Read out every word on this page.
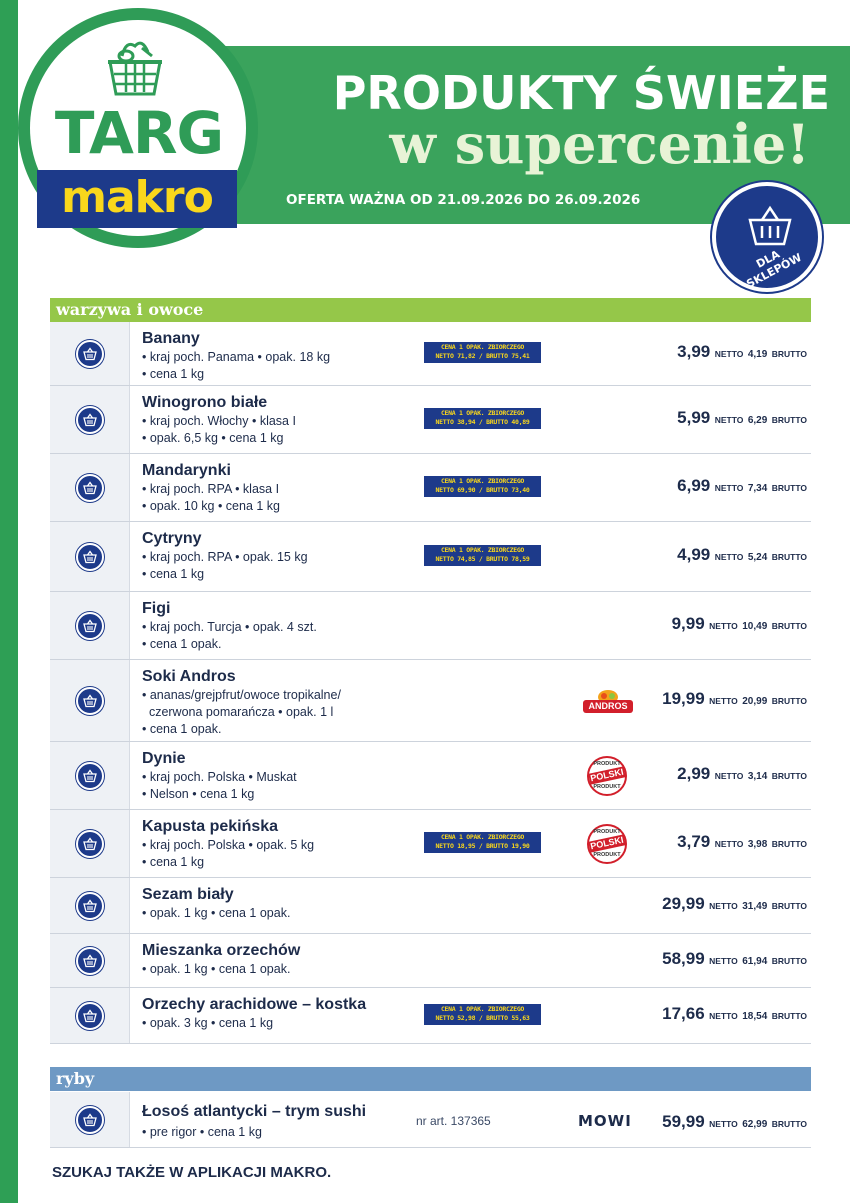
TARG
makro
PRODUKTY ŚWIEŻE
w supercenie!
OFERTA WAŻNA OD 21.09.2026 DO 26.09.2026
DLA SKLEPÓW
warzywa i owoce
Banany
• kraj poch. Panama • opak. 18 kg
• cena 1 kg
CENA 1 OPAK. ZBIORCZEGO
NETTO 71,82 / BRUTTO 75,41	3,99 NETTO 4,19 BRUTTO
Winogrono białe
• kraj poch. Włochy • klasa I
• opak. 6,5 kg • cena 1 kg
CENA 1 OPAK. ZBIORCZEGO
NETTO 38,94 / BRUTTO 40,89	5,99 NETTO 6,29 BRUTTO
Mandarynki
• kraj poch. RPA • klasa I
• opak. 10 kg • cena 1 kg
CENA 1 OPAK. ZBIORCZEGO
NETTO 69,90 / BRUTTO 73,40	6,99 NETTO 7,34 BRUTTO
Cytryny
• kraj poch. RPA • opak. 15 kg
• cena 1 kg
CENA 1 OPAK. ZBIORCZEGO
NETTO 74,85 / BRUTTO 78,59	4,99 NETTO 5,24 BRUTTO
Figi
• kraj poch. Turcja • opak. 4 szt.
• cena 1 opak.
9,99 NETTO 10,49 BRUTTO
Soki Andros
• ananas/grejpfrut/owoce tropikalne/
czerwona pomarańcza • opak. 1 l
• cena 1 opak.
ANDROS	19,99 NETTO 20,99 BRUTTO
Dynie
• kraj poch. Polska • Muskat
• Nelson • cena 1 kg
PRODUKT
POLSKI
PRODUKT
2,99 NETTO 3,14 BRUTTO
Kapusta pekińska
• kraj poch. Polska • opak. 5 kg
• cena 1 kg
CENA 1 OPAK. ZBIORCZEGO
NETTO 18,95 / BRUTTO 19,90
PRODUKT
POLSKI
PRODUKT
3,79 NETTO 3,98 BRUTTO
Sezam biały
• opak. 1 kg • cena 1 opak.	29,99 NETTO 31,49 BRUTTO
Mieszanka orzechów
• opak. 1 kg • cena 1 opak.
58,99 NETTO 61,94 BRUTTO
Orzechy arachidowe – kostka
• opak. 3 kg • cena 1 kg
CENA 1 OPAK. ZBIORCZEGO
NETTO 52,98 / BRUTTO 55,63	17,66 NETTO 18,54 BRUTTO
ryby
Łosoś atlantycki – trym sushi
• pre rigor • cena 1 kg
nr art. 137365	MOWI 59,99 NETTO 62,99 BRUTTO
SZUKAJ TAKŻE W APLIKACJI MAKRO.
